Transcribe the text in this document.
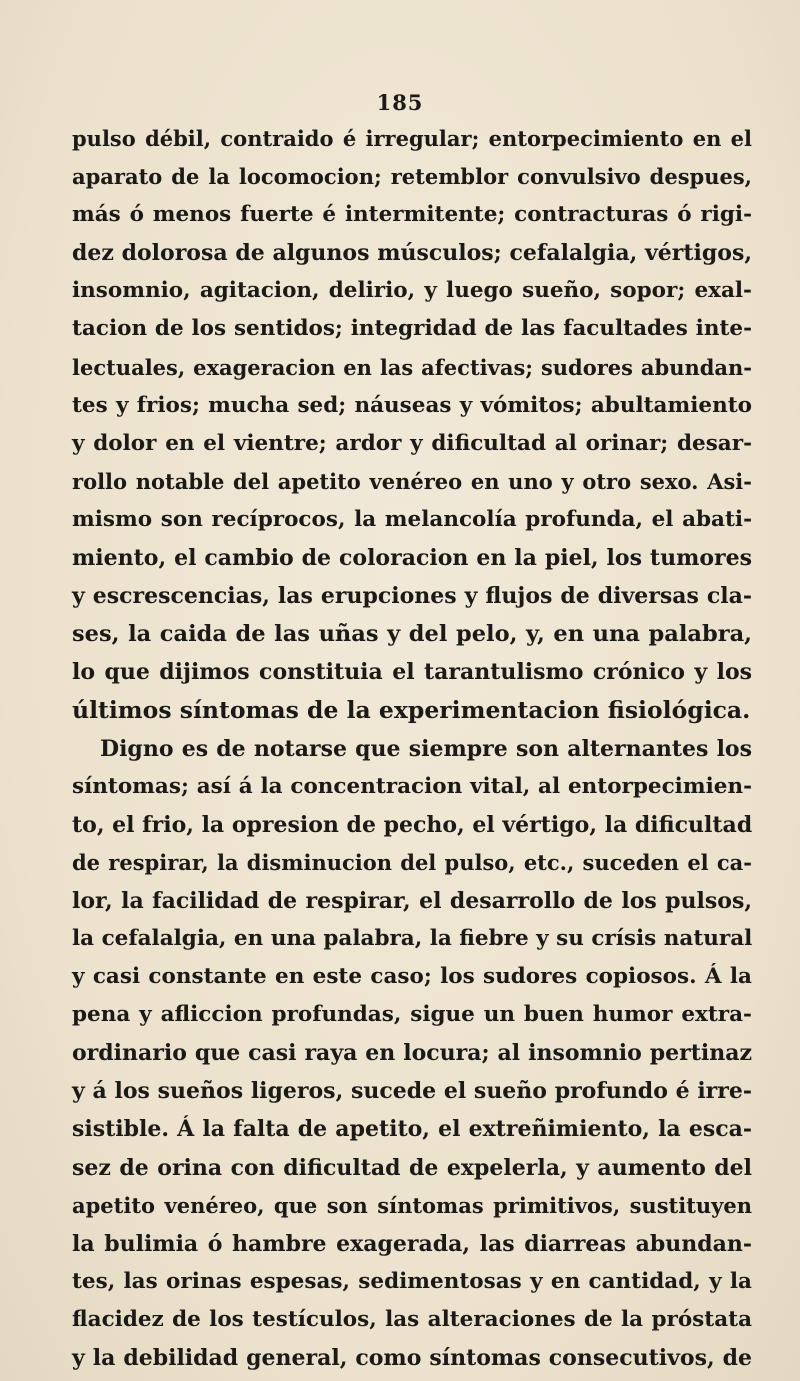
185
pulso débil, contraido é irregular; entorpecimiento en el
aparato de la locomocion; retemblor convulsivo despues,
más ó menos fuerte é intermitente; contracturas ó rigi-
dez dolorosa de algunos músculos; cefalalgia, vértigos,
insomnio, agitacion, delirio, y luego sueño, sopor; exal-
tacion de los sentidos; integridad de las facultades inte-
lectuales, exageracion en las afectivas; sudores abundan-
tes y frios; mucha sed; náuseas y vómitos; abultamiento
y dolor en el vientre; ardor y dificultad al orinar; desar-
rollo notable del apetito venéreo en uno y otro sexo. Asi-
mismo son recíprocos, la melancolía profunda, el abati-
miento, el cambio de coloracion en la piel, los tumores
y escrescencias, las erupciones y flujos de diversas cla-
ses, la caida de las uñas y del pelo, y, en una palabra,
lo que dijimos constituia el tarantulismo crónico y los
últimos síntomas de la experimentacion fisiológica.
Digno es de notarse que siempre son alternantes los
síntomas; así á la concentracion vital, al entorpecimien-
to, el frio, la opresion de pecho, el vértigo, la dificultad
de respirar, la disminucion del pulso, etc., suceden el ca-
lor, la facilidad de respirar, el desarrollo de los pulsos,
la cefalalgia, en una palabra, la fiebre y su crísis natural
y casi constante en este caso; los sudores copiosos. Á la
pena y afliccion profundas, sigue un buen humor extra-
ordinario que casi raya en locura; al insomnio pertinaz
y á los sueños ligeros, sucede el sueño profundo é irre-
sistible. Á la falta de apetito, el extreñimiento, la esca-
sez de orina con dificultad de expelerla, y aumento del
apetito venéreo, que son síntomas primitivos, sustituyen
la bulimia ó hambre exagerada, las diarreas abundan-
tes, las orinas espesas, sedimentosas y en cantidad, y la
flacidez de los testículos, las alteraciones de la próstata
y la debilidad general, como síntomas consecutivos, de
